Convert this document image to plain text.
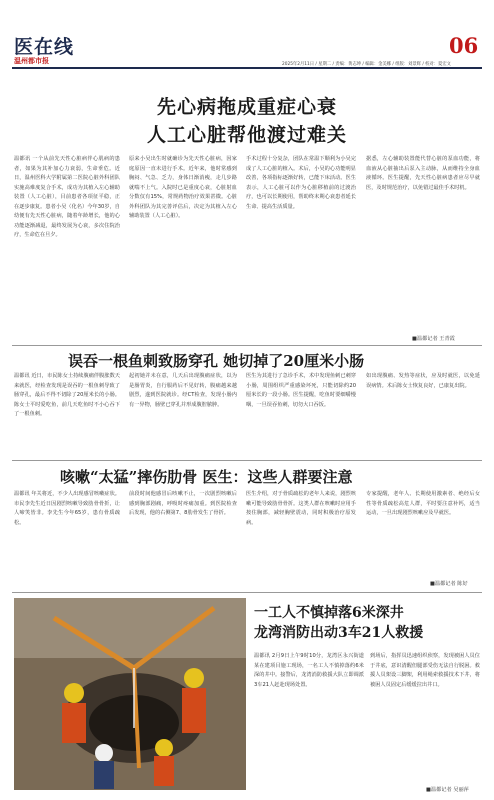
医在线
温州都市报	2025年2月11日 / 星期二 / 责编：黄志坤 / 编辑：金美娜 / 组版：刘景辉 / 校对：夏宏文
06
先心病拖成重症心衰
人工心脏帮他渡过难关
温都讯 一个从前先天性心脏病伴心肌病的患者，如果为其补加心力衰弱，生命垂危。近日，温州医科大学附属第二医院心脏外科团队实施高难度复合手术，成功为其植入左心辅助装置（人工心脏），目前患者各项征平稳，正在逐步康复。患者小吴（化名）今年30岁，自幼便有先天性心脏病，随着年龄增长，他的心功能逐渐减退，最终发展为心衰，多次住院治疗，生命危在旦夕。
原来小吴出生时就确诊为先天性心脏病，因家庭原因一直未进行手术。近年来，他时常感到胸闷、气急、乏力，身体日渐消瘦，走几步路就喘不上气。入院时已是重度心衰，心脏射血分数仅有15%，常规药物治疗效果甚微。心脏外科团队为其完善评估后，决定为其植入左心辅助装置（人工心脏）。
手术过程十分复杂，团队在常温下顺利为小吴完成了人工心脏的植入。术后，小吴的心功能明显改善，各项指标逐渐好转，已能下床活动。医生表示，人工心脏可以作为心脏移植前的过渡治疗，也可以长期使用，帮助终末期心衰患者延长生命、提高生活质量。
据悉，左心辅助装置能代替心脏的泵血功能，将血液从心脏抽出后泵入主动脉，从而维持全身血液循环。医生提醒，先天性心脏病患者应尽早就医，及时规范治疗，以免错过最佳手术时机。
■温都记者 王青霞
误吞一根鱼刺致肠穿孔 她切掉了20厘米小肠
温都讯 近日，市民陈女士持续腹痛伴腹胀数天来就医，经检查发现是误吞的一根鱼刺导致了肠穿孔，最后不得不切除了20厘米长的小肠。陈女士平时爱吃鱼，前几天吃鱼时不小心吞下了一根鱼刺。
起初她并未在意，几天后出现腹痛症状，以为是肠胃炎，自行服药后不见好转，腹痛越来越剧烈，遂到医院就诊。经CT检查，发现小肠内有一异物，肠壁已穿孔并形成腹腔脓肿。
医生为其进行了急诊手术，术中发现鱼刺已刺穿小肠，周围组织严重感染坏死，只能切除约20厘米长的一段小肠。医生提醒，吃鱼时要细嚼慢咽，一旦误吞鱼刺，切勿大口吞饭。
如出现腹痛、发热等症状，应及时就医，以免延误病情。术后陈女士恢复良好，已康复出院。
咳嗽“太猛”摔伤肋骨 医生：这些人群要注意
温都讯 年关将近，不少人出现感冒咳嗽症状。市民李先生近日因剧烈咳嗽导致肋骨骨折，让人啼笑皆非。李先生今年65岁，患有骨质疏松。
前段时间他感冒后咳嗽不止，一次剧烈咳嗽后感到胸部剧痛，呼吸时疼痛加重。到医院检查后发现，他的右侧第7、8肋骨发生了骨折。
医生介绍，对于骨质疏松的老年人来说，剧烈咳嗽可能导致肋骨骨折。这类人群在咳嗽时应用手按住胸部，减轻胸壁震动，同时积极治疗原发病。
专家提醒，老年人、长期使用激素者、绝经后女性等骨质疏松高危人群，平时要注意补钙，适当运动，一旦出现剧烈咳嗽应及早就医。
■温都记者 陈好
一工人不慎掉落6米深井
龙湾消防出动3车21人救援
温都讯 2月9日上午9时10分，龙湾区永兴街道某在建项目施工现场，一名工人不慎掉落约6米深的井中。接警后，龙湾消防救援大队立即调派3车21人赶赴现场处置。
到场后，指挥员迅速组织侦察，发现被困人员位于井底，意识清醒但腿部受伤无法自行脱困。救援人员架设三脚架，利用绳索救援技术下井，将被困人员固定后缓缓拉出井口。
■温都记者 吴丽萍
